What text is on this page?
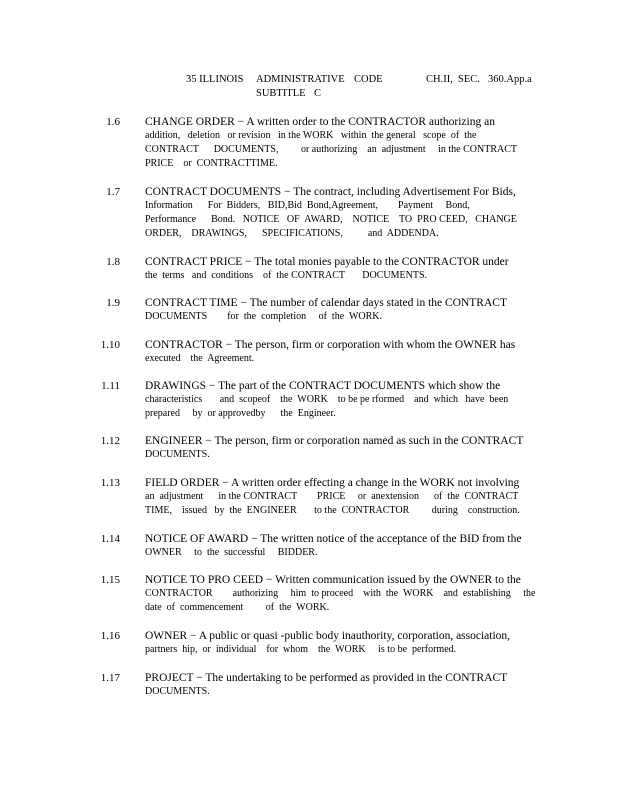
35 ILLINOIS	ADMINISTRATIVE CODE	CH.II, SEC. 360.App.a
SUBTITLE C
1.6 CHANGE ORDER − A written order to the CONTRACTOR authorizing an
addition,   deletion   or revision   in the WORK   within  the general   scope  of  the
CONTRACT      DOCUMENTS,         or authorizing    an  adjustment     in the CONTRACT
PRICE    or  CONTRACTTIME.
1.7 CONTRACT DOCUMENTS − The contract, including Advertisement For Bids,
Information      For  Bidders,   BID,Bid  Bond,Agreement,        Payment     Bond,
Performance      Bond.   NOTICE   OF  AWARD,    NOTICE    TO  PRO CEED,   CHANGE
ORDER,    DRAWINGS,      SPECIFICATIONS,          and  ADDENDA.
1.8 CONTRACT PRICE − The total monies payable to the CONTRACTOR under
the  terms   and  conditions    of  the CONTRACT       DOCUMENTS.
1.9 CONTRACT TIME − The number of calendar days stated in the CONTRACT
DOCUMENTS        for  the  completion     of  the  WORK.
1.10 CONTRACTOR − The person, firm or corporation with whom the OWNER has
executed    the  Agreement.
1.11 DRAWINGS − The part of the CONTRACT DOCUMENTS which show the
characteristics       and  scopeof    the  WORK    to be pe rformed    and  which   have  been
prepared     by  or approvedby      the  Engineer.
1.12 ENGINEER − The person, firm or corporation named as such in the CONTRACT
DOCUMENTS.
1.13 FIELD ORDER − A written order effecting a change in the WORK not involving
an  adjustment      in the CONTRACT        PRICE     or  anextension      of  the  CONTRACT
TIME,    issued   by  the  ENGINEER       to the  CONTRACTOR         during    construction.
1.14 NOTICE OF AWARD − The written notice of the acceptance of the BID from the
OWNER     to  the  successful     BIDDER.
1.15 NOTICE TO PRO CEED − Written communication issued by the OWNER to the
CONTRACTOR        authorizing     him  to proceed    with  the  WORK    and  establishing     the
date  of  commencement         of  the  WORK.
1.16 OWNER − A public or quasi -public body inauthority, corporation, association,
partners  hip,  or  individual    for  whom    the  WORK     is to be  performed.
1.17 PROJECT − The undertaking to be performed as provided in the CONTRACT
DOCUMENTS.
